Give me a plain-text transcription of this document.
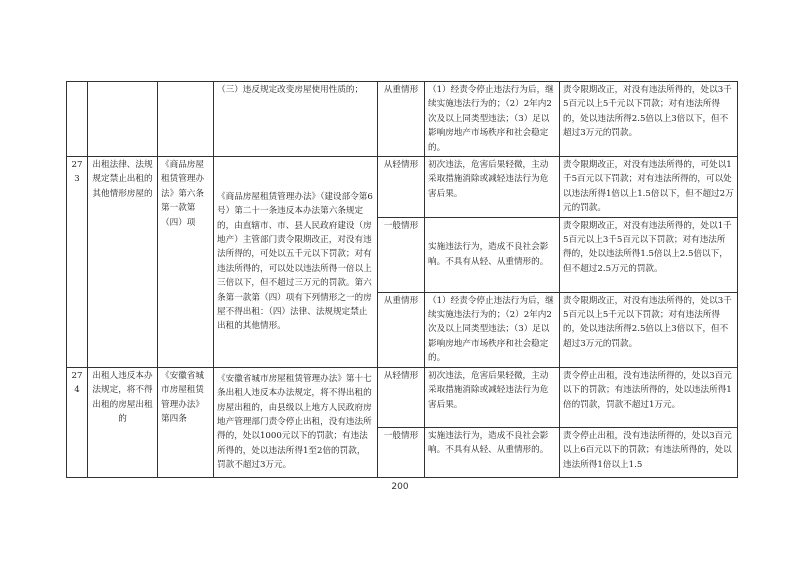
			（三）违反规定改变房屋使用性质的；	从重情形	（1）经责令停止违法行为后，继续实施违法行为的；（2）2年内2次及以上同类型违法；（3）足以影响房地产市场秩序和社会稳定的。	责令限期改正，对没有违法所得的，处以3千5百元以上5千元以下罚款；对有违法所得的，处以违法所得2.5倍以上3倍以下，但不超过3万元的罚款。
273	出租法律、法规规定禁止出租的其他情形房屋的	《商品房屋租赁管理办法》第六条第一款第（四）项	《商品房屋租赁管理办法》（建设部令第6号）第二十一条违反本办法第六条规定的，由直辖市、市、县人民政府建设（房地产）主管部门责令限期改正，对没有违法所得的，可处以五千元以下罚款；对有违法所得的，可以处以违法所得一倍以上三倍以下，但不超过三万元的罚款。第六条第一款第（四）项有下列情形之一的房屋不得出租：（四）法律、法规规定禁止出租的其他情形。	从轻情形	初次违法，危害后果轻微，主动采取措施消除或减轻违法行为危害后果。	责令限期改正，对没有违法所得的，可处以1千5百元以下罚款；对有违法所得的，可以处以违法所得1倍以上1.5倍以下，但不超过2万元的罚款。
				一般情形	实施违法行为，造成不良社会影响。不具有从轻、从重情形的。	责令限期改正，对没有违法所得的，处以1千5百元以上3千5百元以下罚款；对有违法所得的，处以违法所得1.5倍以上2.5倍以下，但不超过2.5万元的罚款。
				从重情形	（1）经责令停止违法行为后，继续实施违法行为的；（2）2年内2次及以上同类型违法；（3）足以影响房地产市场秩序和社会稳定的。	责令限期改正，对没有违法所得的，处以3千5百元以上5千元以下罚款；对有违法所得的，处以违法所得2.5倍以上3倍以下，但不超过3万元的罚款。
274	出租人违反本办法规定，将不得出租的房屋出租的	《安徽省城市房屋租赁管理办法》第四条	《安徽省城市房屋租赁管理办法》第十七条出租人违反本办法规定，将不得出租的房屋出租的，由县级以上地方人民政府房地产管理部门责令停止出租，没有违法所得的，处以1000元以下的罚款；有违法所得的，处以违法所得1至2倍的罚款，罚款不超过3万元。	从轻情形	初次违法，危害后果轻微，主动采取措施消除或减轻违法行为危害后果。	责令停止出租，没有违法所得的，处以3百元以下的罚款；有违法所得的，处以违法所得1倍的罚款，罚款不超过1万元。
				一般情形	实施违法行为，造成不良社会影响。不具有从轻、从重情形的。	责令停止出租，没有违法所得的，处以3百元以上6百元以下的罚款；有违法所得的，处以违法所得1倍以上1.5
200
